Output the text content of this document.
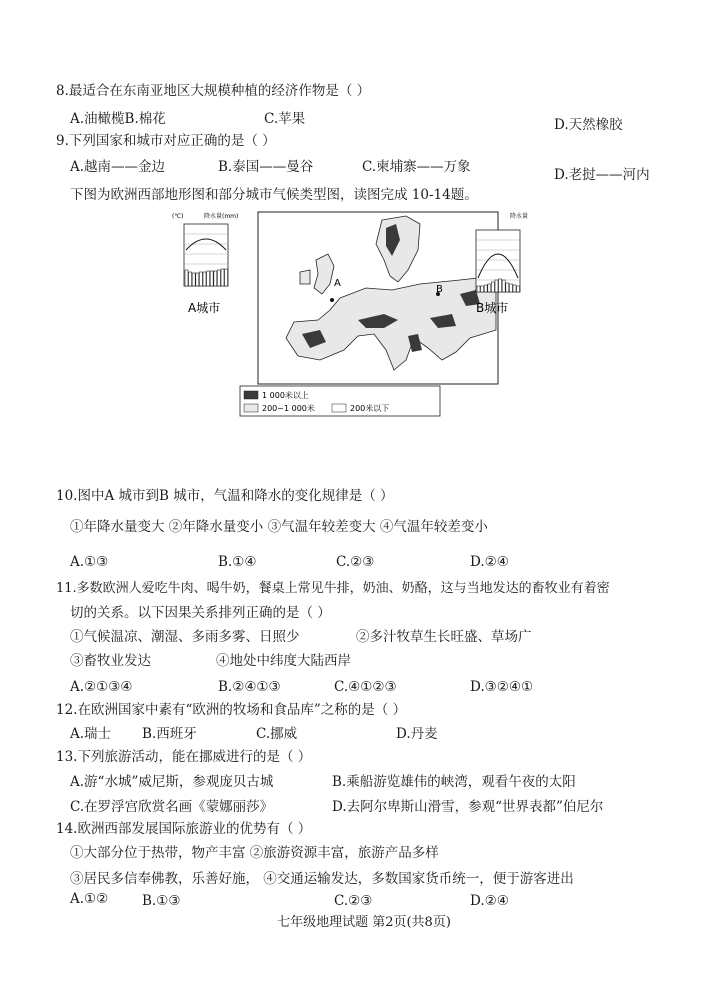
8.最适合在东南亚地区大规模种植的经济作物是（ ）
A.油橄榄B.棉花	C.苹果	D.天然橡胶
9.下列国家和城市对应正确的是（ ）
A.越南——金边	B.泰国——曼谷	C.柬埔寨——万象	D.老挝——河内
下图为欧洲西部地形图和部分城市气候类型图，读图完成 10-14题。
(℃)	降水量(mm)
A城市
A
B
1 000米以上
200~1 000米	200米以下
降水量
B城市
10.图中A 城市到B 城市，气温和降水的变化规律是（ ）
①年降水量变大 ②年降水量变小 ③气温年较差变大 ④气温年较差变小
A.①③	B.①④	C.②③	D.②④
11.多数欧洲人爱吃牛肉、喝牛奶，餐桌上常见牛排，奶油、奶酪，这与当地发达的畜牧业有着密
切的关系。以下因果关系排列正确的是（ ）
①气候温凉、潮湿、多雨多雾、日照少	②多汁牧草生长旺盛、草场广
③畜牧业发达	④地处中纬度大陆西岸
A.②①③④	B.②④①③	C.④①②③	D.③②④①
12.在欧洲国家中素有“欧洲的牧场和食品库”之称的是（ ）
A.瑞士 B.西班牙	C.挪威	D.丹麦
13.下列旅游活动，能在挪威进行的是（ ）
A.游“水城”威尼斯，参观庞贝古城	B.乘船游览雄伟的峡湾，观看午夜的太阳
C.在罗浮宫欣赏名画《蒙娜丽莎》	D.去阿尔卑斯山滑雪，参观“世界表都”伯尼尔
14.欧洲西部发展国际旅游业的优势有（ ）
①大部分位于热带，物产丰富 ②旅游资源丰富，旅游产品多样
③居民多信奉佛教，乐善好施， ④交通运输发达，多数国家货币统一，便于游客进出
A.①②	B.①③	C.②③	D.②④
七年级地理试题 第2页(共8页)
